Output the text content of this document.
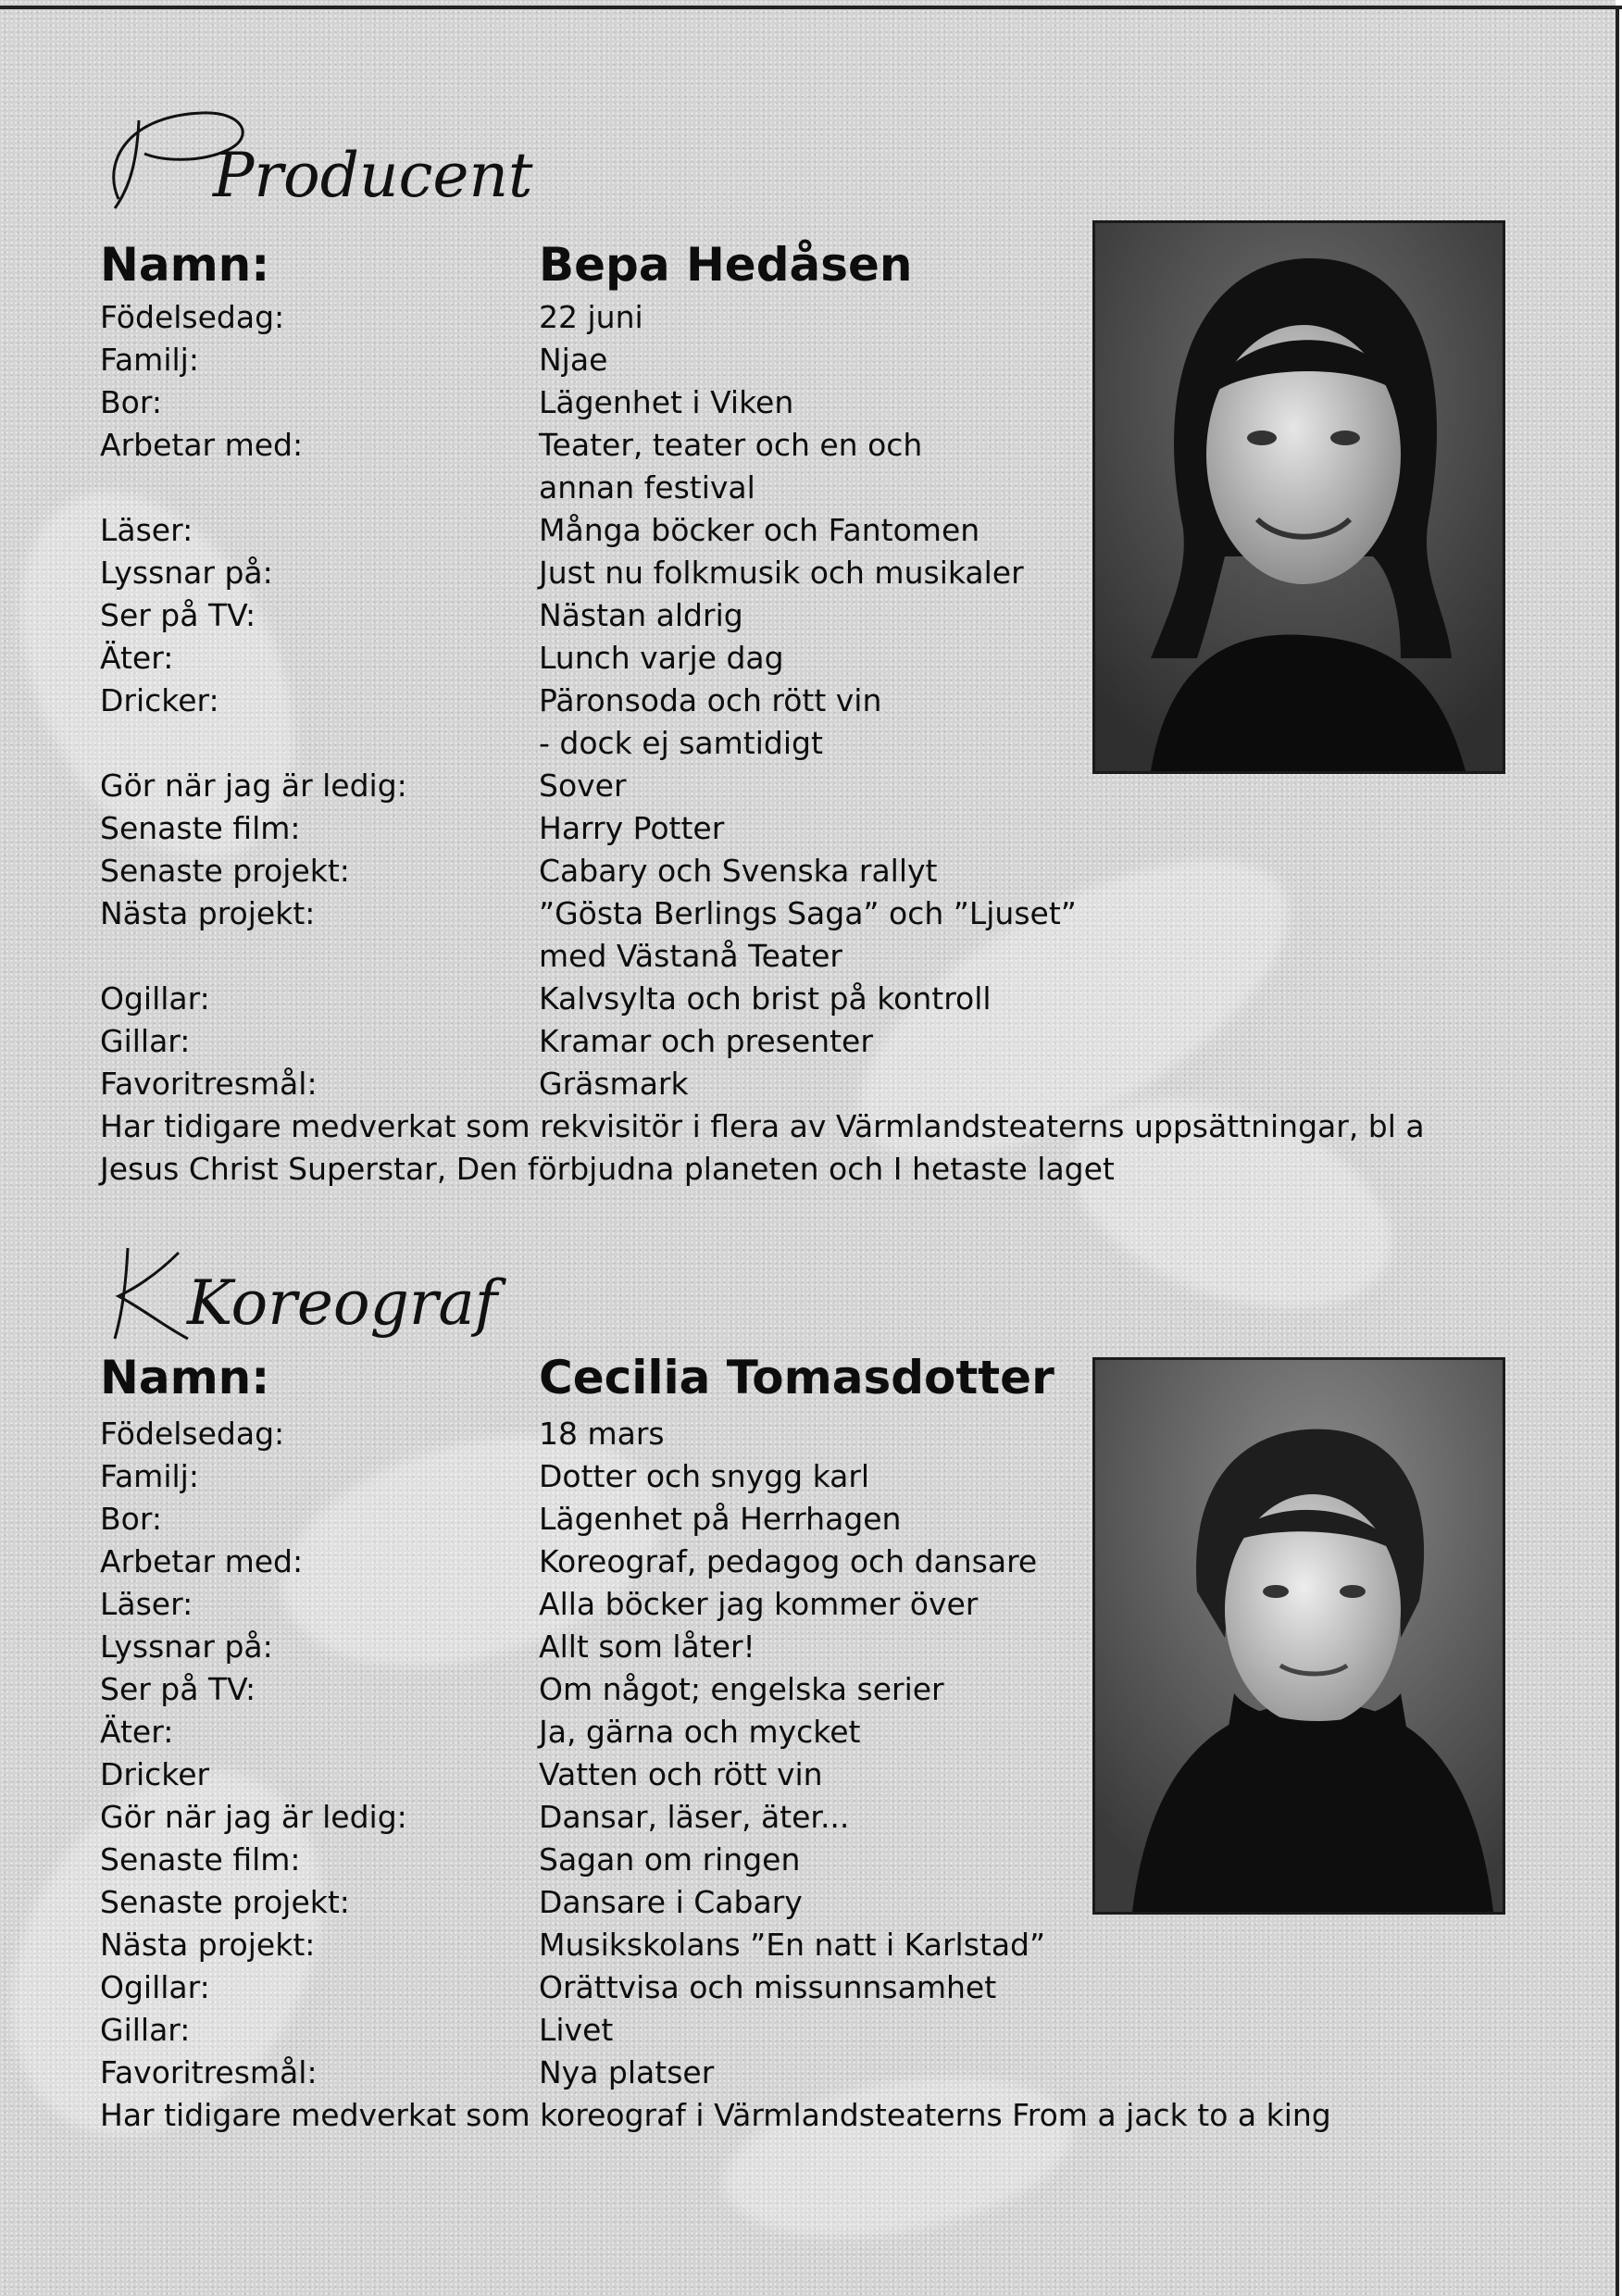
Producent
Namn:	Bepa Hedåsen
Födelsedag:	22 juni
Familj:	Njae
Bor:	Lägenhet i Viken
Arbetar med:	Teater, teater och en och
annan festival
Läser:	Många böcker och Fantomen
Lyssnar på:	Just nu folkmusik och musikaler
Ser på TV:	Nästan aldrig
Äter:	Lunch varje dag
Dricker:	Päronsoda och rött vin
- dock ej samtidigt
Gör när jag är ledig:	Sover
Senaste film:	Harry Potter
Senaste projekt:	Cabary och Svenska rallyt
Nästa projekt:	”Gösta Berlings Saga” och ”Ljuset”
med Västanå Teater
Ogillar:	Kalvsylta och brist på kontroll
Gillar:	Kramar och presenter
Favoritresmål:	Gräsmark
Har tidigare medverkat som rekvisitör i flera av Värmlandsteaterns uppsättningar, bl a Jesus Christ Superstar, Den förbjudna planeten och I hetaste laget
Koreograf
Namn:	Cecilia Tomasdotter
Födelsedag:	18 mars
Familj:	Dotter och snygg karl
Bor:	Lägenhet på Herrhagen
Arbetar med:	Koreograf, pedagog och dansare
Läser:	Alla böcker jag kommer över
Lyssnar på:	Allt som låter!
Ser på TV:	Om något; engelska serier
Äter:	Ja, gärna och mycket
Dricker	Vatten och rött vin
Gör när jag är ledig:	Dansar, läser, äter...
Senaste film:	Sagan om ringen
Senaste projekt:	Dansare i Cabary
Nästa projekt:	Musikskolans ”En natt i Karlstad”
Ogillar:	Orättvisa och missunnsamhet
Gillar:	Livet
Favoritresmål:	Nya platser
Har tidigare medverkat som koreograf i Värmlandsteaterns From a jack to a king
